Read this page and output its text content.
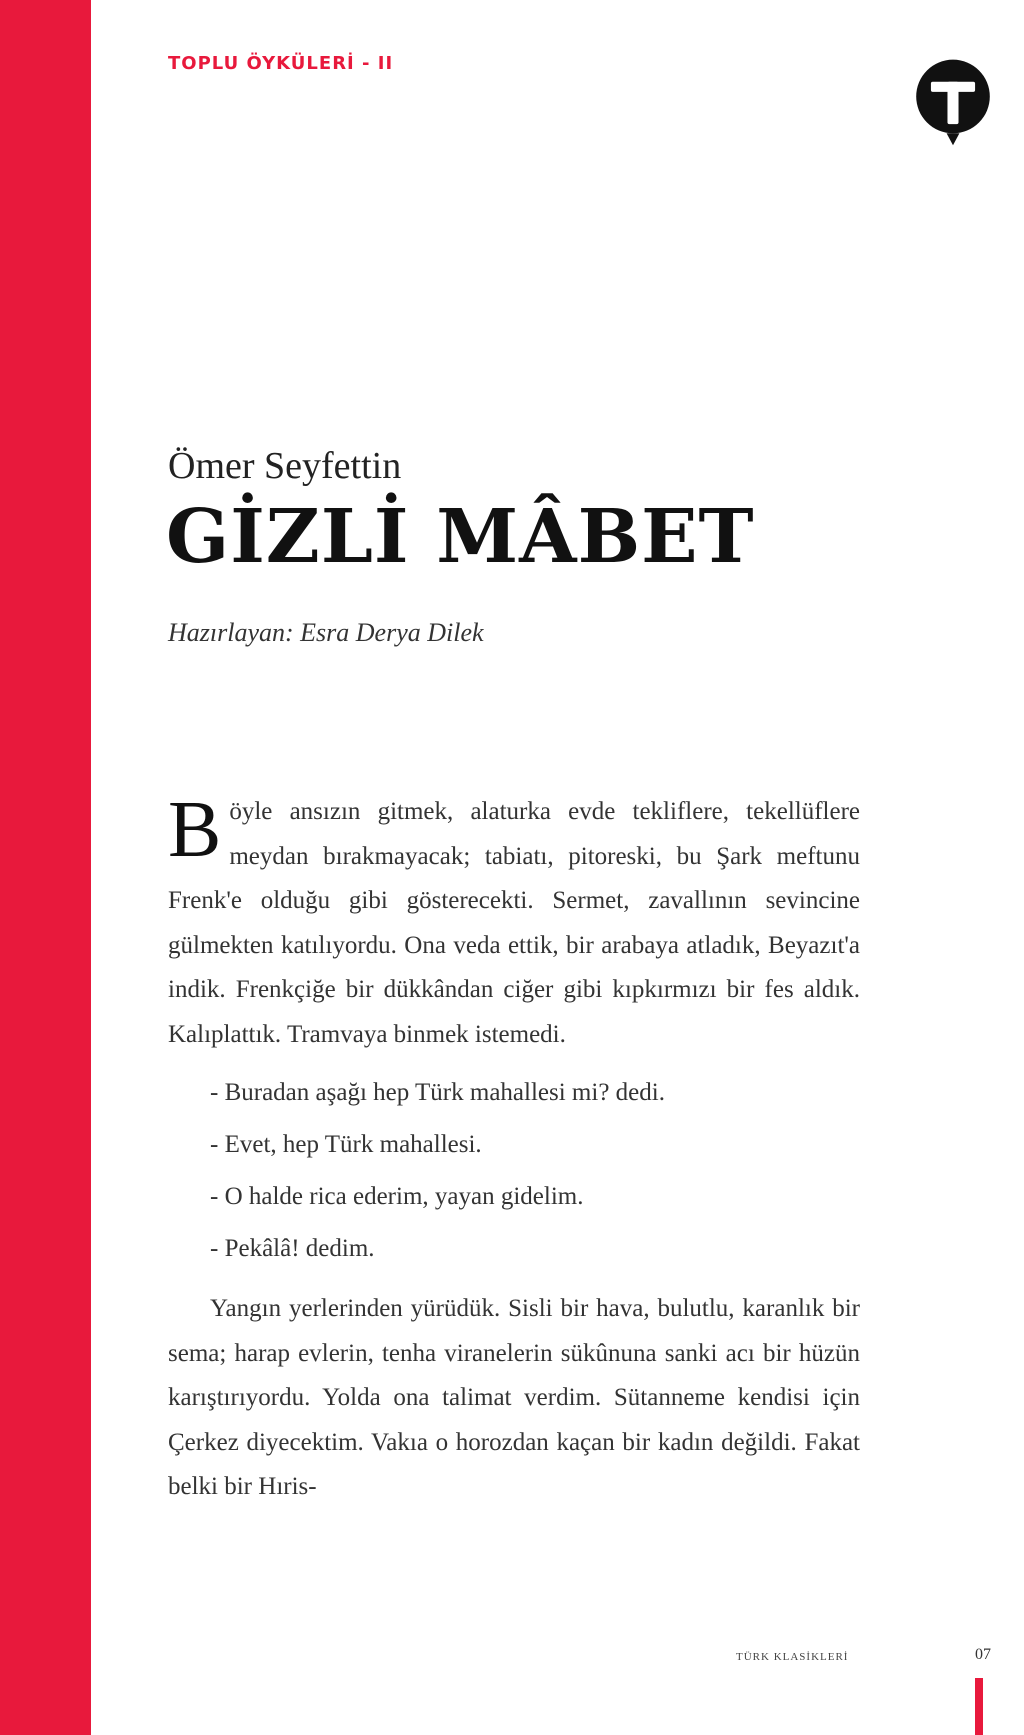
TOPLU ÖYKÜLERİ - II
Ömer Seyfettin
GİZLİ MÂBET
Hazırlayan: Esra Derya Dilek

Böyle ansızın gitmek, alaturka evde tekliflere, tekellüflere meydan bırakmayacak; tabiatı, pitoreski, bu Şark meftunu Frenk'e olduğu gibi gösterecekti. Sermet, zavallının sevincine gülmekten katılıyordu. Ona veda ettik, bir arabaya atladık, Beyazıt'a indik. Frenkçiğe bir dükkândan ciğer gibi kıpkırmızı bir fes aldık. Kalıplattık. Tramvaya binmek istemedi.

- Buradan aşağı hep Türk mahallesi mi? dedi.

- Evet, hep Türk mahallesi.

- O halde rica ederim, yayan gidelim.

- Pekâlâ! dedim.

Yangın yerlerinden yürüdük. Sisli bir hava, bulutlu, karanlık bir sema; harap evlerin, tenha viranelerin sükûnuna sanki acı bir hüzün karıştırıyordu. Yolda ona talimat verdim. Sütanneme kendisi için Çerkez diyecektim. Vakıa o horozdan kaçan bir kadın değildi. Fakat belki bir Hıris-

TÜRK KLASİKLERİ	07
